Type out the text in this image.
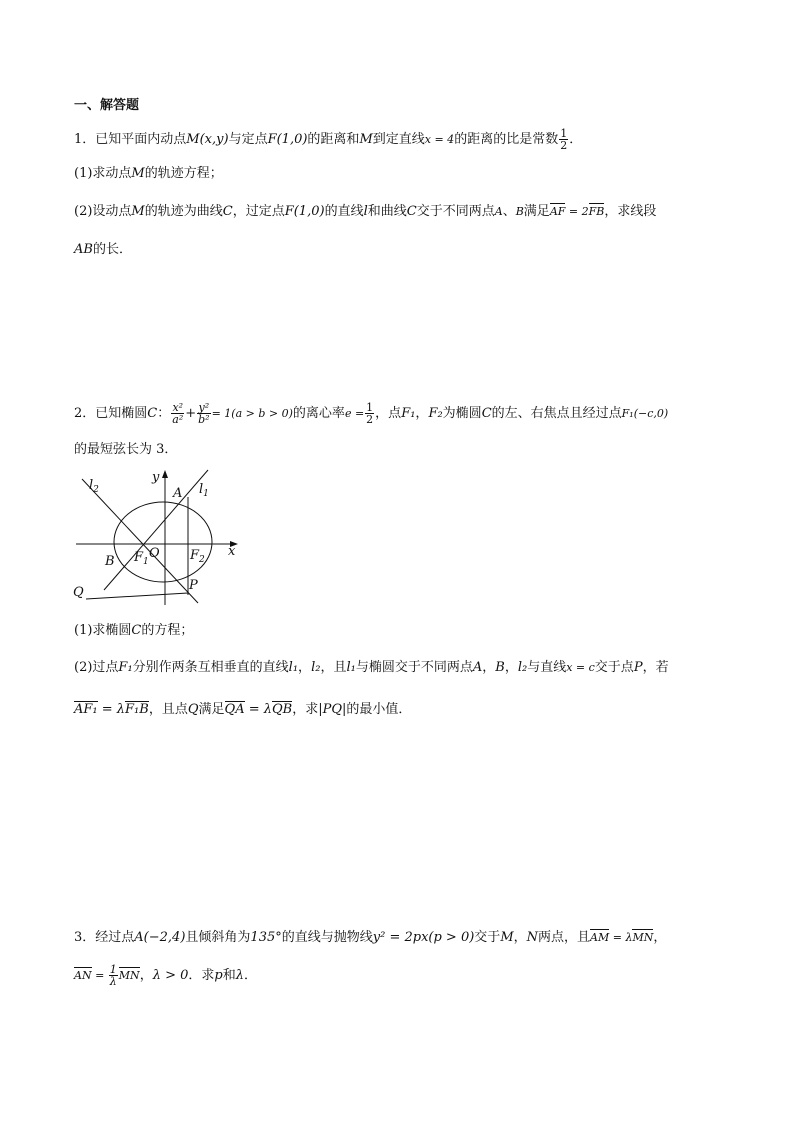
一、解答题
1．已知平面内动点M(x,y)与定点F(1,0)的距离和M到定直线x = 4的距离的比是常数 $\frac{1}{2}$ ．
(1)求动点M的轨迹方程；
(2)设动点M的轨迹为曲线C，过定点F(1,0)的直线l和曲线C交于不同两点A、B满足AF = 2FB，求线段
AB的长．
2．已知椭圆C： $\frac{\text{x²}}{\text{a²}} + \frac{\text{y²}}{\text{b²}} = 1(a > b > 0)$的离心率$e = \frac{1}{2}$ ，点F₁，F₂为椭圆C的左、右焦点且经过点F₁(−c,0)
的最短弦长为 3．
y
x
$l_2$	$l_1$
A
B
O
$F_1$	$F_2$
P
Q
(1)求椭圆C的方程；
(2)过点F₁分别作两条互相垂直的直线l₁，l₂，且l₁与椭圆交于不同两点A，B，l₂与直线x = c交于点P，若
AF₁ = λF₁B，且点Q满足QA = λQB，求|PQ|的最小值．
3．经过点A(−2,4)且倾斜角为135°的直线与抛物线y² = 2px(p > 0)交于M，N两点，且AM = λMN，
AN = $\frac{1}{\lambda}$ MN，λ > 0．求p和λ．
